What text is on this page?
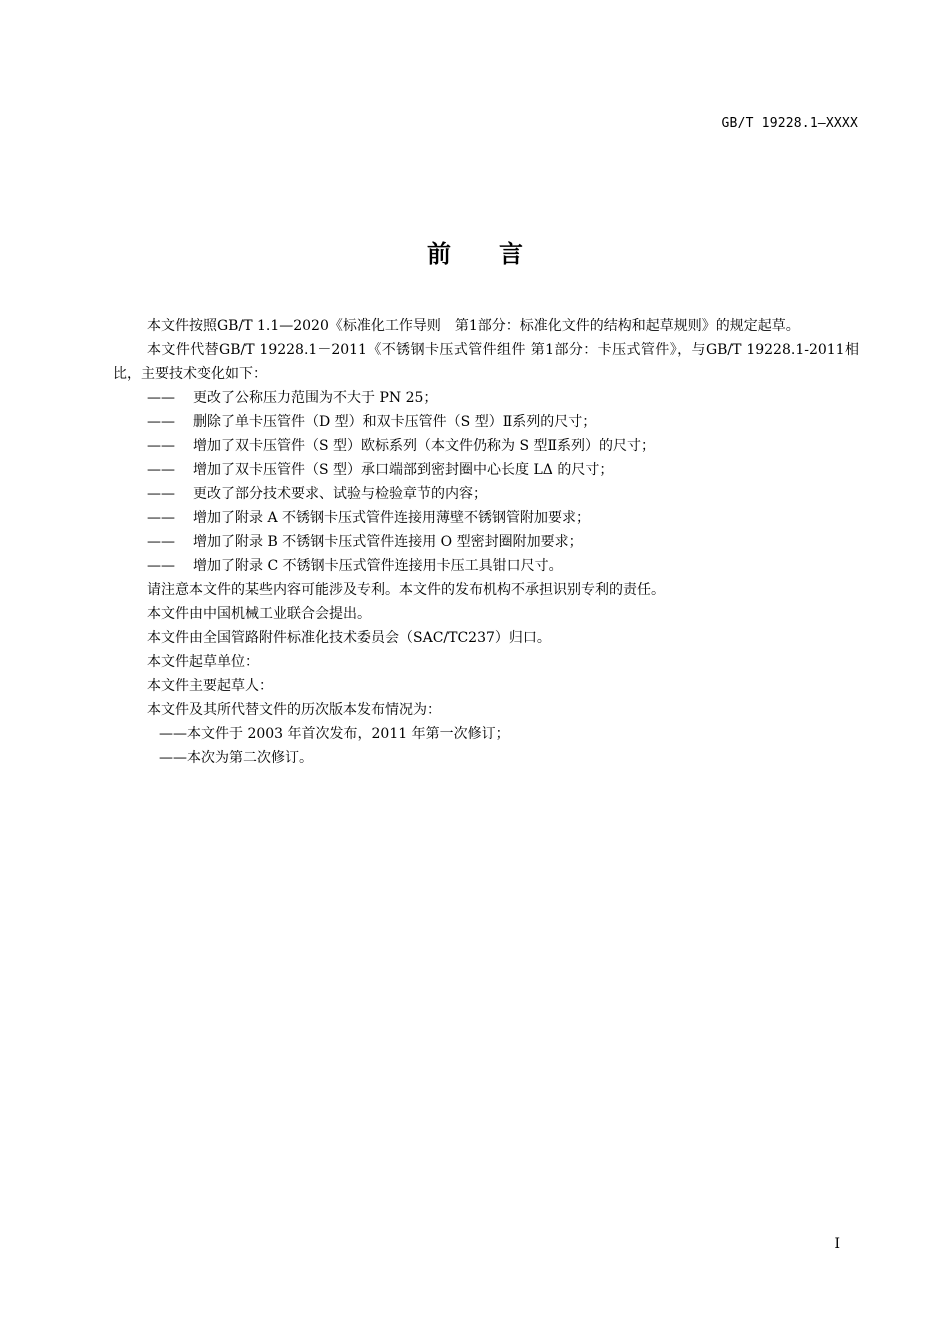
GB/T 19228.1—XXXX
前言

本文件按照GB/T 1.1—2020《标准化工作导则　第1部分：标准化文件的结构和起草规则》的规定起草。

本文件代替GB/T 19228.1－2011《不锈钢卡压式管件组件 第1部分：卡压式管件》，与GB/T 19228.1-2011相比，主要技术变化如下：

—— 更改了公称压力范围为不大于 PN 25；

—— 删除了单卡压管件（D 型）和双卡压管件（S 型）Ⅱ系列的尺寸；

—— 增加了双卡压管件（S 型）欧标系列（本文件仍称为 S 型Ⅱ系列）的尺寸；

—— 增加了双卡压管件（S 型）承口端部到密封圈中心长度 LΔ 的尺寸；

—— 更改了部分技术要求、试验与检验章节的内容；

—— 增加了附录 A 不锈钢卡压式管件连接用薄壁不锈钢管附加要求；

—— 增加了附录 B 不锈钢卡压式管件连接用 O 型密封圈附加要求；

—— 增加了附录 C 不锈钢卡压式管件连接用卡压工具钳口尺寸。

请注意本文件的某些内容可能涉及专利。本文件的发布机构不承担识别专利的责任。

本文件由中国机械工业联合会提出。

本文件由全国管路附件标准化技术委员会（SAC/TC237）归口。

本文件起草单位：

本文件主要起草人：

本文件及其所代替文件的历次版本发布情况为：

——本文件于 2003 年首次发布，2011 年第一次修订；

——本次为第二次修订。

I
